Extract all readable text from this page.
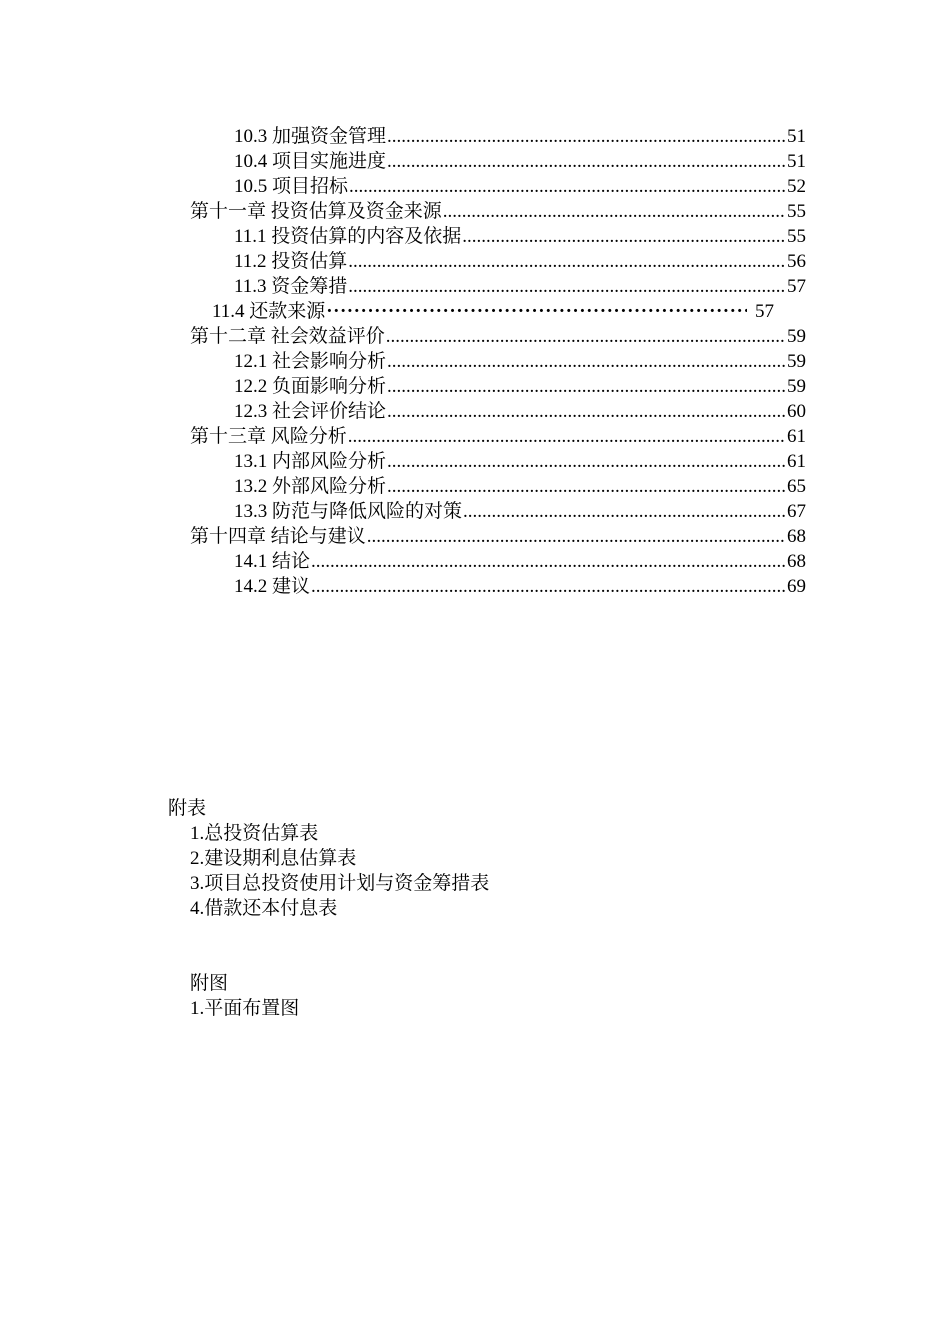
10.3 加强资金管理 .....	51
10.4 项目实施进度 .....	51
10.5 项目招标 .....	52
第十一章 投资估算及资金来源 .....	55
11.1 投资估算的内容及依据 .....	55
11.2 投资估算 .....	56
11.3 资金筹措 .....	57
11.4 还款来源 ·····	57
第十二章 社会效益评价 .....	59
12.1 社会影响分析 .....	59
12.2 负面影响分析 .....	59
12.3 社会评价结论 .....	60
第十三章 风险分析 .....	61
13.1 内部风险分析 .....	61
13.2 外部风险分析 .....	65
13.3 防范与降低风险的对策 .....	67
第十四章 结论与建议 .....	68
14.1 结论 .....	68
14.2 建议 .....	69
附表
1.总投资估算表
2.建设期利息估算表
3.项目总投资使用计划与资金筹措表
4.借款还本付息表
附图
1.平面布置图
